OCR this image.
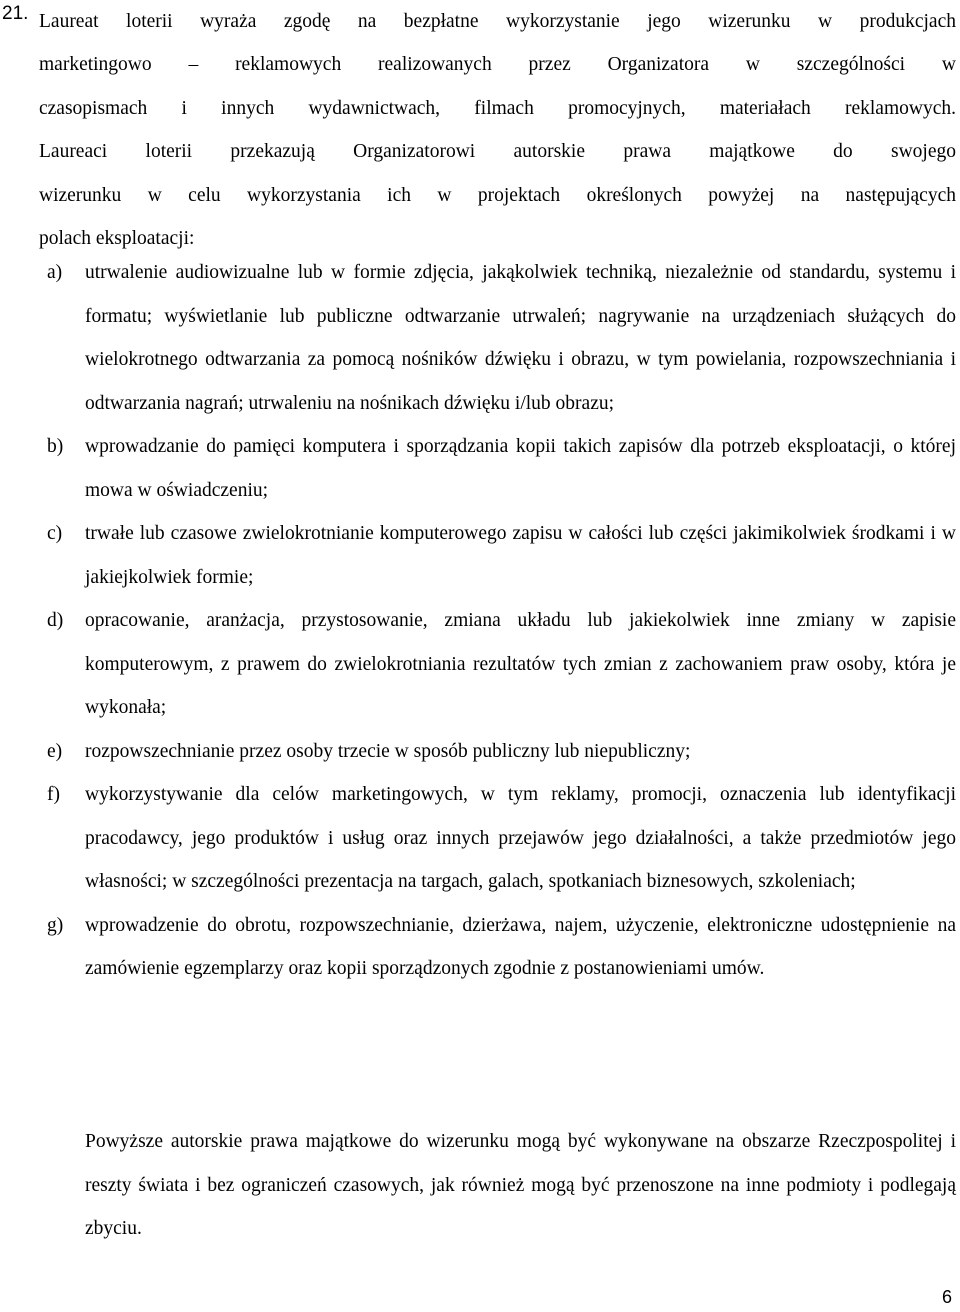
21. Laureat loterii wyraża zgodę na bezpłatne wykorzystanie jego wizerunku w produkcjach
marketingowo – reklamowych realizowanych przez Organizatora w szczególności w
czasopismach i innych wydawnictwach, filmach promocyjnych, materiałach reklamowych.
Laureaci loterii przekazują Organizatorowi autorskie prawa majątkowe do swojego
wizerunku w celu wykorzystania ich w projektach określonych powyżej na następujących
polach eksploatacji:

a) utrwalenie audiowizualne lub w formie zdjęcia, jakąkolwiek techniką, niezależnie od standardu, systemu i formatu; wyświetlanie lub publiczne odtwarzanie utrwaleń; nagrywanie na urządzeniach służących do wielokrotnego odtwarzania za pomocą nośników dźwięku i obrazu, w tym powielania, rozpowszechniania i odtwarzania nagrań; utrwaleniu na nośnikach dźwięku i/lub obrazu;
b) wprowadzanie do pamięci komputera i sporządzania kopii takich zapisów dla potrzeb eksploatacji, o której mowa w oświadczeniu;
c) trwałe lub czasowe zwielokrotnianie komputerowego zapisu w całości lub części jakimikolwiek środkami i w jakiejkolwiek formie;
d) opracowanie, aranżacja, przystosowanie, zmiana układu lub jakiekolwiek inne zmiany w zapisie komputerowym, z prawem do zwielokrotniania rezultatów tych zmian z zachowaniem praw osoby, która je wykonała;
e) rozpowszechnianie przez osoby trzecie w sposób publiczny lub niepubliczny;
f) wykorzystywanie dla celów marketingowych, w tym reklamy, promocji, oznaczenia lub identyfikacji pracodawcy, jego produktów i usług oraz innych przejawów jego działalności, a także przedmiotów jego własności; w szczególności prezentacja na targach, galach, spotkaniach biznesowych, szkoleniach;
g) wprowadzenie do obrotu, rozpowszechnianie, dzierżawa, najem, użyczenie, elektroniczne udostępnienie na zamówienie egzemplarzy oraz kopii sporządzonych zgodnie z postanowieniami umów.

Powyższe autorskie prawa majątkowe do wizerunku mogą być wykonywane na obszarze Rzeczpospolitej i reszty świata i bez ograniczeń czasowych, jak również mogą być przenoszone na inne podmioty i podlegają zbyciu.

6
